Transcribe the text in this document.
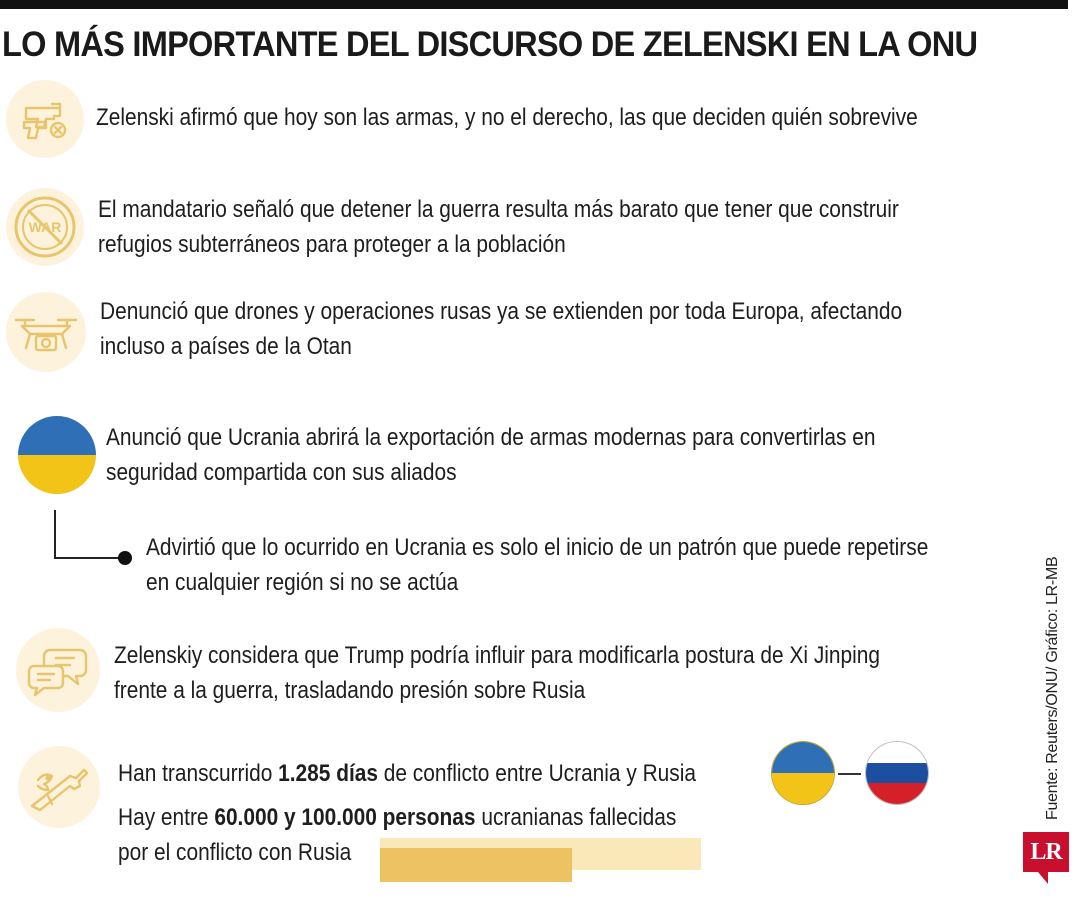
LO MÁS IMPORTANTE DEL DISCURSO DE ZELENSKI EN LA ONU
Zelenski afirmó que hoy son las armas, y no el derecho, las que deciden quién sobrevive
WAR
El mandatario señaló que detener la guerra resulta más barato que tener que construir
refugios subterráneos para proteger a la población
Denunció que drones y operaciones rusas ya se extienden por toda Europa, afectando
incluso a países de la Otan
Anunció que Ucrania abrirá la exportación de armas modernas para convertirlas en
seguridad compartida con sus aliados
Advirtió que lo ocurrido en Ucrania es solo el inicio de un patrón que puede repetirse
en cualquier región si no se actúa
Zelenskiy considera que Trump podría influir para modificarla postura de Xi Jinping
frente a la guerra, trasladando presión sobre Rusia
Han transcurrido 1.285 días de conflicto entre Ucrania y Rusia
Hay entre 60.000 y 100.000 personas ucranianas fallecidas
por el conflicto con Rusia
Fuente: Reuters/ONU/ Gráfico: LR-MB
LR
